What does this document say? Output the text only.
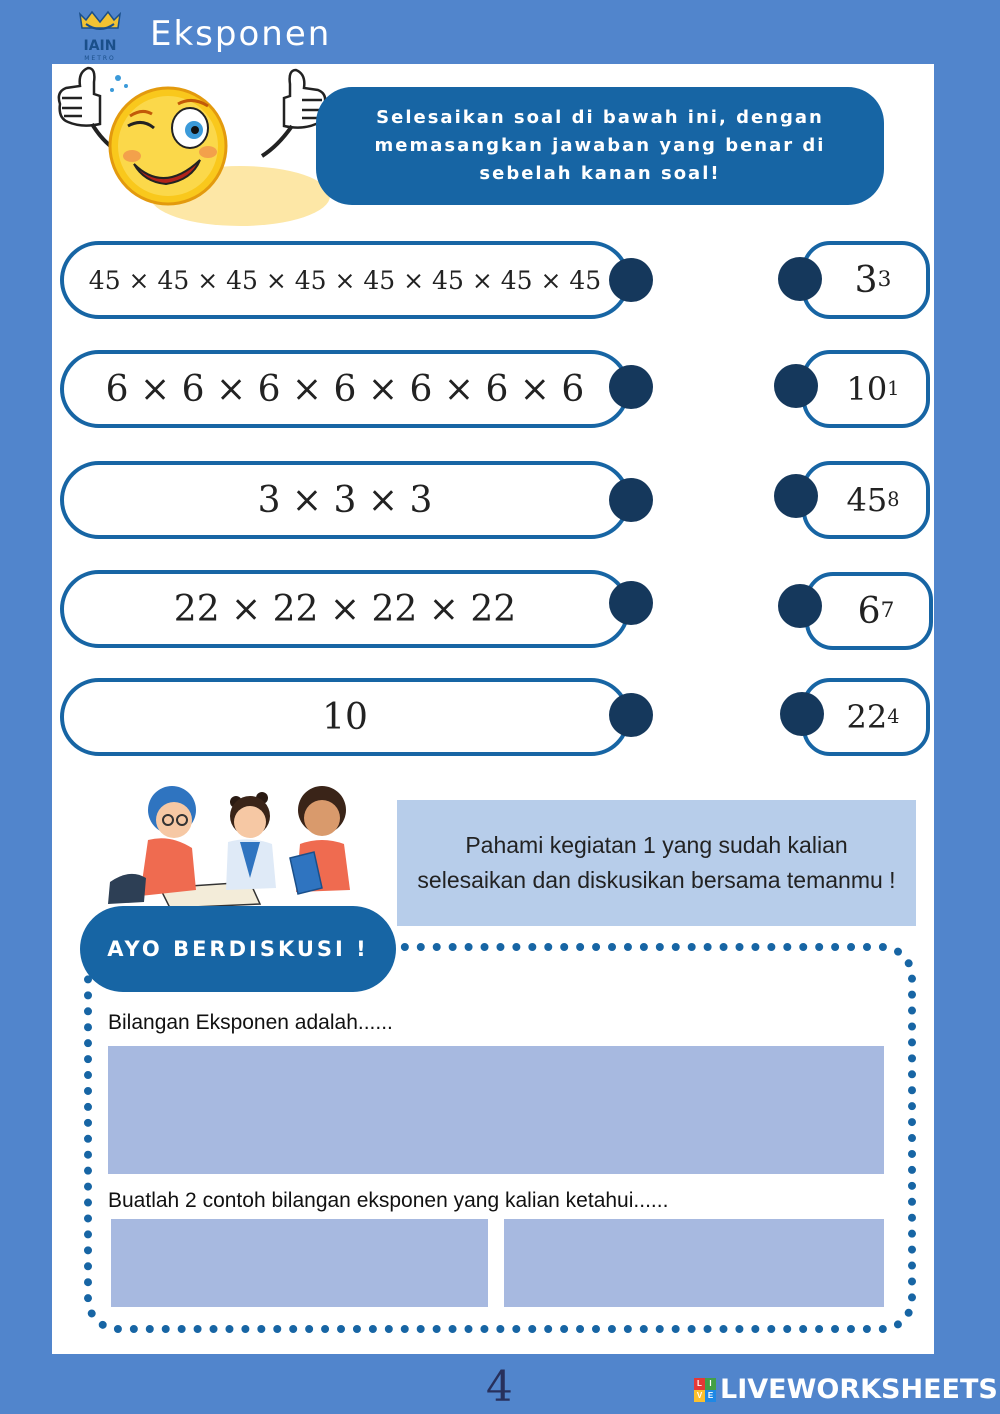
IAIN
METRO
Eksponen
Selesaikan soal di bawah ini, dengan memasangkan jawaban yang benar di sebelah kanan soal!
45 × 45 × 45 × 45 × 45 × 45 × 45 × 45
6 × 6 × 6 × 6 × 6 × 6 × 6
3 × 3 × 3
22 × 22 × 22 × 22
10
3 3
10 1
45 8
6 7
22 4
Pahami kegiatan 1 yang sudah kalian selesaikan dan diskusikan bersama temanmu !
AYO BERDISKUSI !
Bilangan Eksponen adalah......
Buatlah 2 contoh bilangan eksponen yang kalian ketahui......
4	L I
V E LIVEWORKSHEETS
